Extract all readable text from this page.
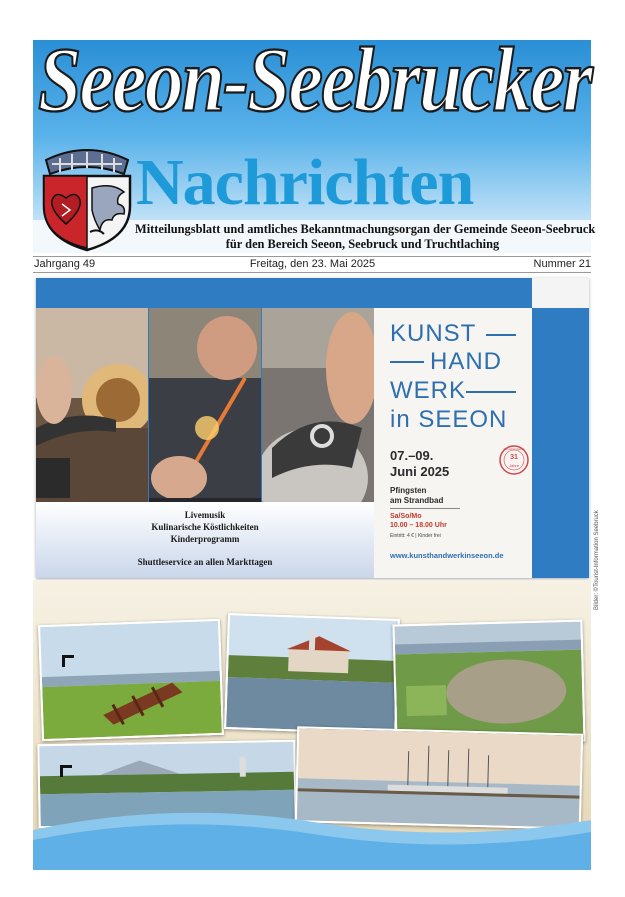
Seeon-Seebrucker
Nachrichten
Mitteilungsblatt und amtliches Bekanntmachungsorgan der Gemeinde Seeon-Seebruck
für den Bereich Seeon, Seebruck und Truchtlaching
Jahrgang 49	Freitag, den 23. Mai 2025	Nummer 21
Livemusik
Kulinarische Köstlichkeiten
Kinderprogramm
Shuttleservice an allen Markttagen
KUNST
HAND
WERK
in SEEON
07.–09.
Juni 2025
Kunsthandwerk
31
Jahre
Pfingsten
am Strandbad
Sa/So/Mo
10.00 – 18.00 Uhr
Eintritt: 4 € | Kinder frei
www.kunsthandwerkinseeon.de	Bilder: ©Tourist-Information Seebruck
